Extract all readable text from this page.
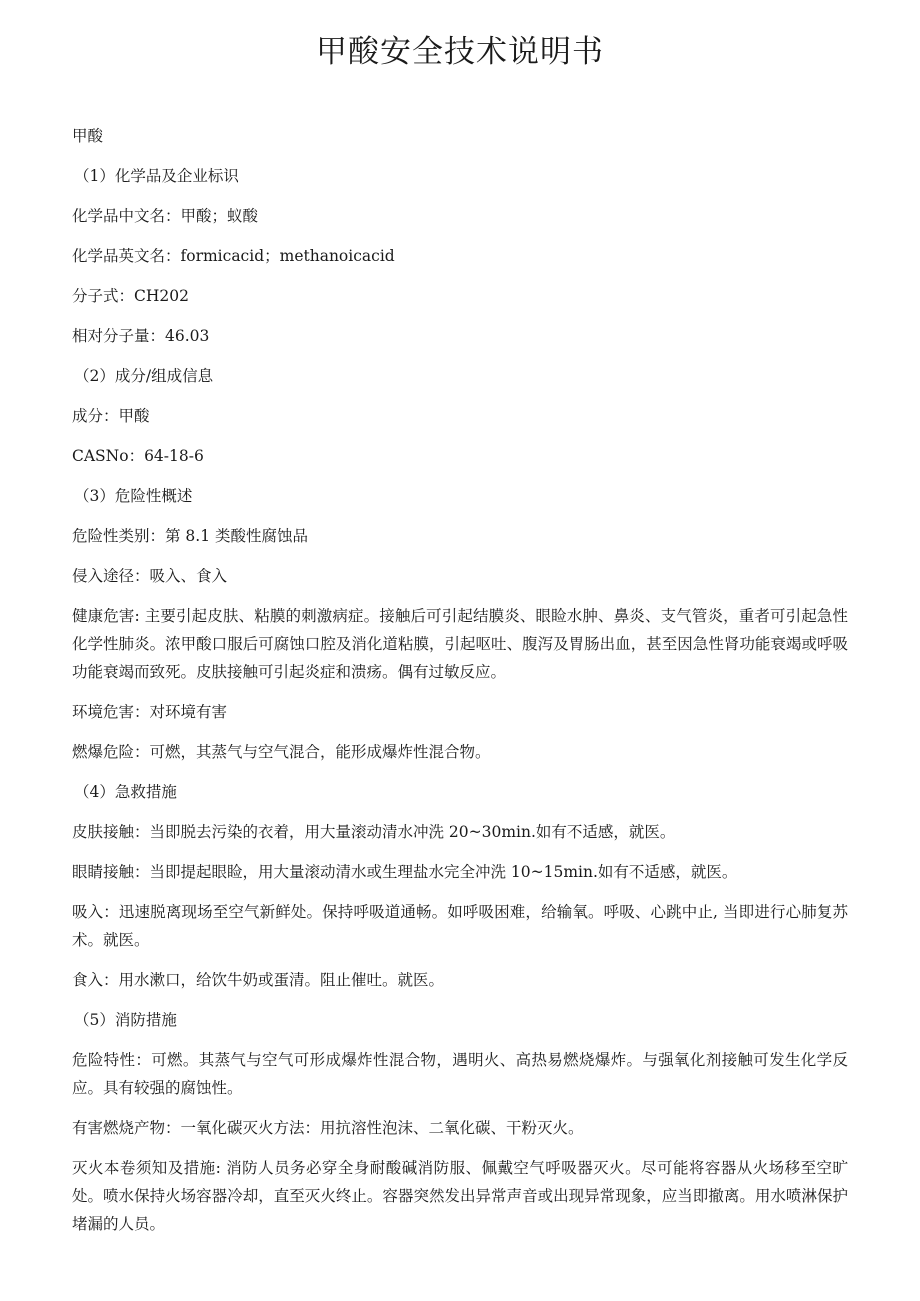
甲酸安全技术说明书

甲酸

（1）化学品及企业标识

化学品中文名：甲酸；蚁酸

化学品英文名：formicacid；methanoicacid

分子式：CH202

相对分子量：46.03

（2）成分/组成信息

成分：甲酸

CASNo：64-18-6

（3）危险性概述

危险性类别：第 8.1 类酸性腐蚀品

侵入途径：吸入、食入

健康危害: 主要引起皮肤、粘膜的刺激病症。接触后可引起结膜炎、眼睑水肿、鼻炎、支气管炎，重者可引起急性化学性肺炎。浓甲酸口服后可腐蚀口腔及消化道粘膜，引起呕吐、腹泻及胃肠出血，甚至因急性肾功能衰竭或呼吸功能衰竭而致死。皮肤接触可引起炎症和溃疡。偶有过敏反应。

环境危害：对环境有害

燃爆危险：可燃，其蒸气与空气混合，能形成爆炸性混合物。

（4）急救措施

皮肤接触：当即脱去污染的衣着，用大量滚动清水冲洗 20~30min.如有不适感，就医。

眼睛接触：当即提起眼睑，用大量滚动清水或生理盐水完全冲洗 10~15min.如有不适感，就医。

吸入：迅速脱离现场至空气新鲜处。保持呼吸道通畅。如呼吸困难，给输氧。呼吸、心跳中止, 当即进行心肺复苏术。就医。

食入：用水漱口，给饮牛奶或蛋清。阻止催吐。就医。

（5）消防措施

危险特性：可燃。其蒸气与空气可形成爆炸性混合物，遇明火、高热易燃烧爆炸。与强氧化剂接触可发生化学反应。具有较强的腐蚀性。

有害燃烧产物：一氧化碳灭火方法：用抗溶性泡沫、二氧化碳、干粉灭火。

灭火本卷须知及措施: 消防人员务必穿全身耐酸碱消防服、佩戴空气呼吸器灭火。尽可能将容器从火场移至空旷处。喷水保持火场容器冷却，直至灭火终止。容器突然发出异常声音或出现异常现象，应当即撤离。用水喷淋保护堵漏的人员。
